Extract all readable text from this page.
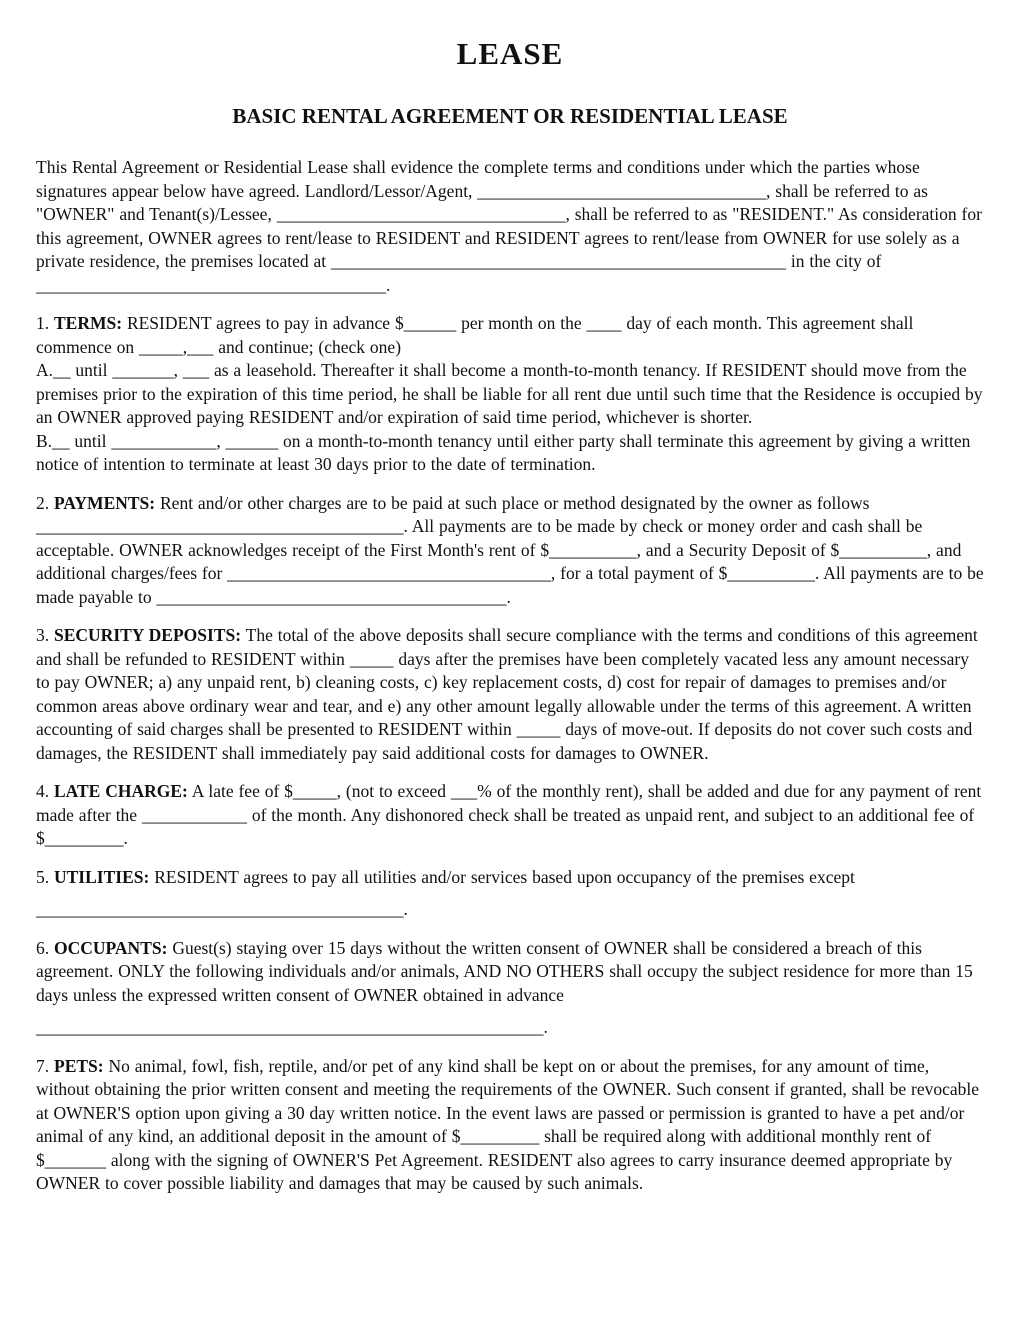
LEASE
BASIC RENTAL AGREEMENT OR RESIDENTIAL LEASE

This Rental Agreement or Residential Lease shall evidence the complete terms and conditions under which the parties whose signatures appear below have agreed. Landlord/Lessor/Agent, _________________________________, shall be referred to as "OWNER" and Tenant(s)/Lessee, _________________________________, shall be referred to as "RESIDENT." As consideration for this agreement, OWNER agrees to rent/lease to RESIDENT and RESIDENT agrees to rent/lease from OWNER for use solely as a private residence, the premises located at ____________________________________________________ in the city of ________________________________________.

1. TERMS: RESIDENT agrees to pay in advance $______ per month on the ____ day of each month. This agreement shall commence on _____,___ and continue; (check one)

A.__ until _______, ___ as a leasehold. Thereafter it shall become a month-to-month tenancy. If RESIDENT should move from the premises prior to the expiration of this time period, he shall be liable for all rent due until such time that the Residence is occupied by an OWNER approved paying RESIDENT and/or expiration of said time period, whichever is shorter.

B.__ until ____________, ______ on a month-to-month tenancy until either party shall terminate this agreement by giving a written notice of intention to terminate at least 30 days prior to the date of termination.

2. PAYMENTS: Rent and/or other charges are to be paid at such place or method designated by the owner as follows __________________________________________. All payments are to be made by check or money order and cash shall be acceptable. OWNER acknowledges receipt of the First Month's rent of $__________, and a Security Deposit of $__________, and additional charges/fees for _____________________________________, for a total payment of $__________. All payments are to be made payable to ________________________________________.

3. SECURITY DEPOSITS: The total of the above deposits shall secure compliance with the terms and conditions of this agreement and shall be refunded to RESIDENT within _____ days after the premises have been completely vacated less any amount necessary to pay OWNER; a) any unpaid rent, b) cleaning costs, c) key replacement costs, d) cost for repair of damages to premises and/or common areas above ordinary wear and tear, and e) any other amount legally allowable under the terms of this agreement. A written accounting of said charges shall be presented to RESIDENT within _____ days of move-out. If deposits do not cover such costs and damages, the RESIDENT shall immediately pay said additional costs for damages to OWNER.

4. LATE CHARGE: A late fee of $_____, (not to exceed ___% of the monthly rent), shall be added and due for any payment of rent made after the ____________ of the month. Any dishonored check shall be treated as unpaid rent, and subject to an additional fee of $_________.

5. UTILITIES: RESIDENT agrees to pay all utilities and/or services based upon occupancy of the premises except

__________________________________________.

6. OCCUPANTS: Guest(s) staying over 15 days without the written consent of OWNER shall be considered a breach of this agreement. ONLY the following individuals and/or animals, AND NO OTHERS shall occupy the subject residence for more than 15 days unless the expressed written consent of OWNER obtained in advance

__________________________________________________________.

7. PETS: No animal, fowl, fish, reptile, and/or pet of any kind shall be kept on or about the premises, for any amount of time, without obtaining the prior written consent and meeting the requirements of the OWNER. Such consent if granted, shall be revocable at OWNER'S option upon giving a 30 day written notice. In the event laws are passed or permission is granted to have a pet and/or animal of any kind, an additional deposit in the amount of $_________ shall be required along with additional monthly rent of $_______ along with the signing of OWNER'S Pet Agreement. RESIDENT also agrees to carry insurance deemed appropriate by OWNER to cover possible liability and damages that may be caused by such animals.
